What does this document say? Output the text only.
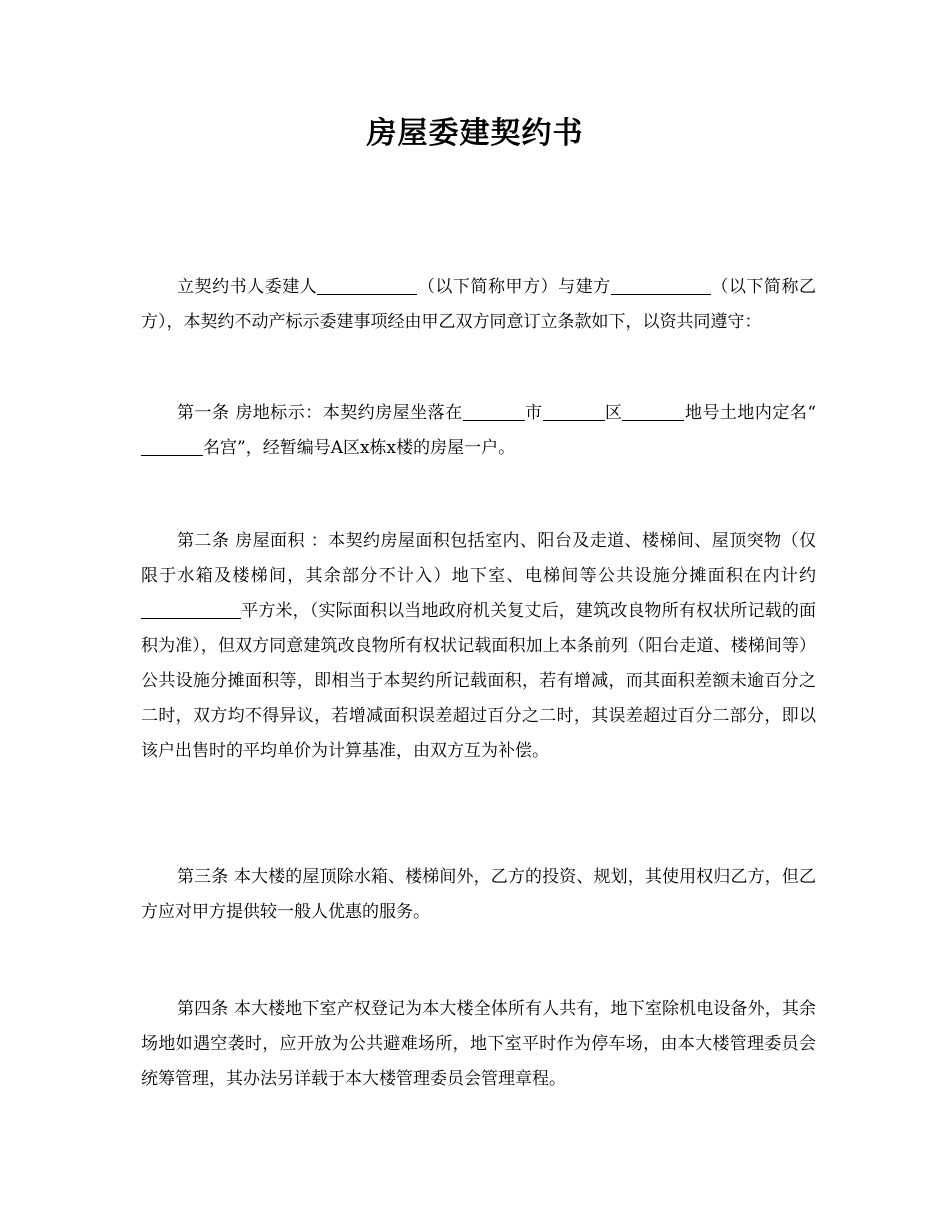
房屋委建契约书

立契约书人委建人	（以下简称甲方）与建方	（以下简称乙方），本契约不动产标示委建事项经由甲乙双方同意订立条款如下，以资共同遵守：

第一条 房地标示：本契约房屋坐落在	市	区	地号土地内定名“名宫”，经暂编号A区x栋x楼的房屋一户。

第二条 房屋面积 ：本契约房屋面积包括室内、阳台及走道、楼梯间、屋顶突物（仅限于水箱及楼梯间，其余部分不计入）地下室、电梯间等公共设施分摊面积在内计约平方米，（实际面积以当地政府机关复丈后，建筑改良物所有权状所记载的面积为准），但双方同意建筑改良物所有权状记载面积加上本条前列（阳台走道、楼梯间等）公共设施分摊面积等，即相当于本契约所记载面积，若有增减，而其面积差额未逾百分之二时，双方均不得异议，若增减面积误差超过百分之二时，其误差超过百分二部分，即以该户出售时的平均单价为计算基准，由双方互为补偿。

第三条 本大楼的屋顶除水箱、楼梯间外，乙方的投资、规划，其使用权归乙方，但乙方应对甲方提供较一般人优惠的服务。

第四条 本大楼地下室产权登记为本大楼全体所有人共有，地下室除机电设备外，其余场地如遇空袭时，应开放为公共避难场所，地下室平时作为停车场，由本大楼管理委员会统筹管理，其办法另详载于本大楼管理委员会管理章程。
